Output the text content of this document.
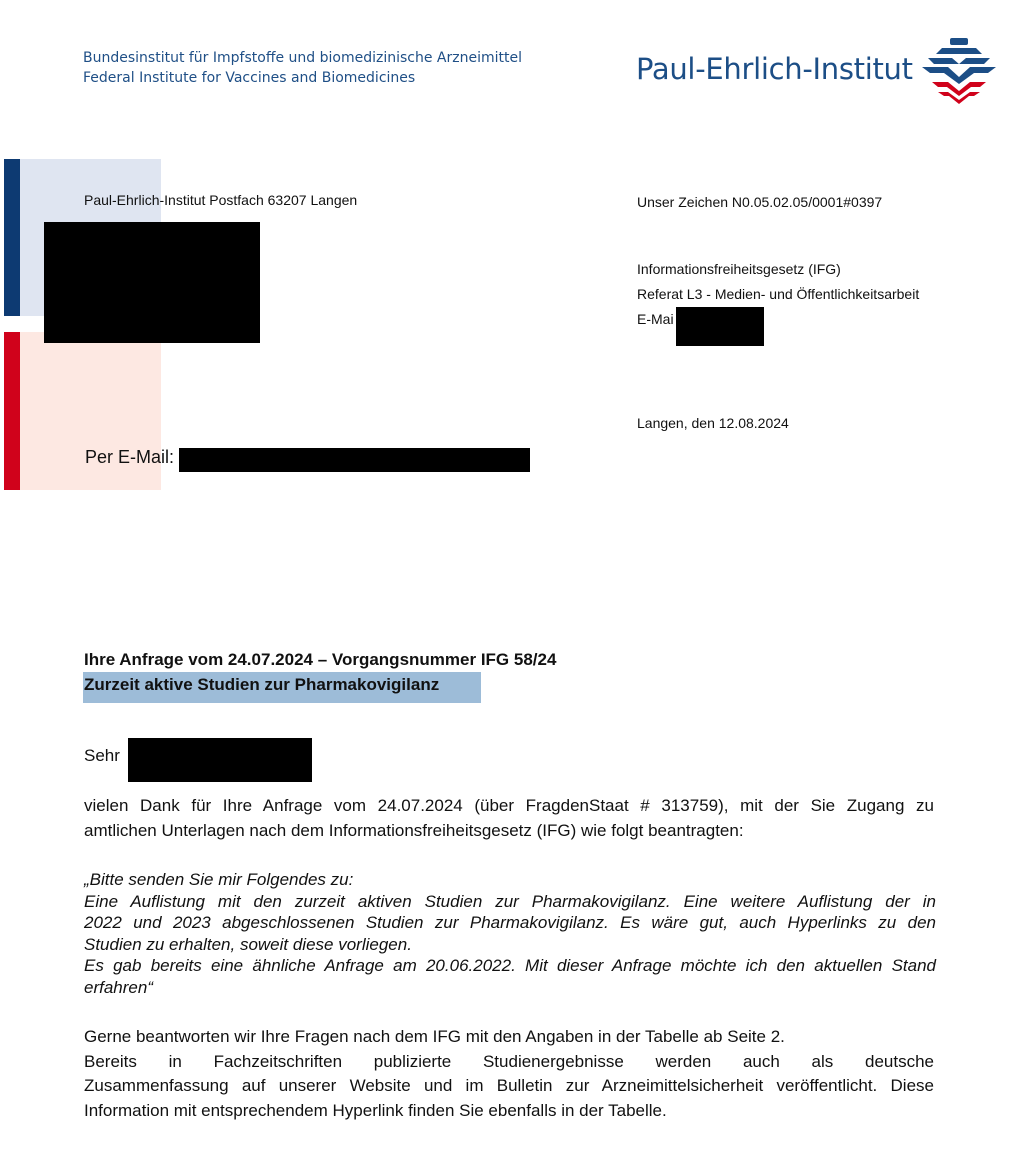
Bundesinstitut für Impfstoffe und biomedizinische Arzneimittel
Federal Institute for Vaccines and Biomedicines	Paul-Ehrlich-Institut
Paul-Ehrlich-Institut Postfach 63207 Langen
Per E-Mail:
Unser Zeichen N0.05.02.05/0001#0397
Informationsfreiheitsgesetz (IFG)
Referat L3 - Medien- und Öffentlichkeitsarbeit
E-Mai
Langen, den 12.08.2024
Ihre Anfrage vom 24.07.2024 – Vorgangsnummer IFG 58/24
Zurzeit aktive Studien zur Pharmakovigilanz
Sehr
vielen Dank für Ihre Anfrage vom 24.07.2024 (über FragdenStaat # 313759), mit der Sie Zugang zu
amtlichen Unterlagen nach dem Informationsfreiheitsgesetz (IFG) wie folgt beantragten:
„Bitte senden Sie mir Folgendes zu:
Eine Auflistung mit den zurzeit aktiven Studien zur Pharmakovigilanz. Eine weitere Auflistung der in
2022 und 2023 abgeschlossenen Studien zur Pharmakovigilanz. Es wäre gut, auch Hyperlinks zu den
Studien zu erhalten, soweit diese vorliegen.
Es gab bereits eine ähnliche Anfrage am 20.06.2022. Mit dieser Anfrage möchte ich den aktuellen Stand
erfahren“
Gerne beantworten wir Ihre Fragen nach dem IFG mit den Angaben in der Tabelle ab Seite 2.
Bereits in Fachzeitschriften publizierte Studienergebnisse werden auch als deutsche
Zusammenfassung auf unserer Website und im Bulletin zur Arzneimittelsicherheit veröffentlicht. Diese
Information mit entsprechendem Hyperlink finden Sie ebenfalls in der Tabelle.
